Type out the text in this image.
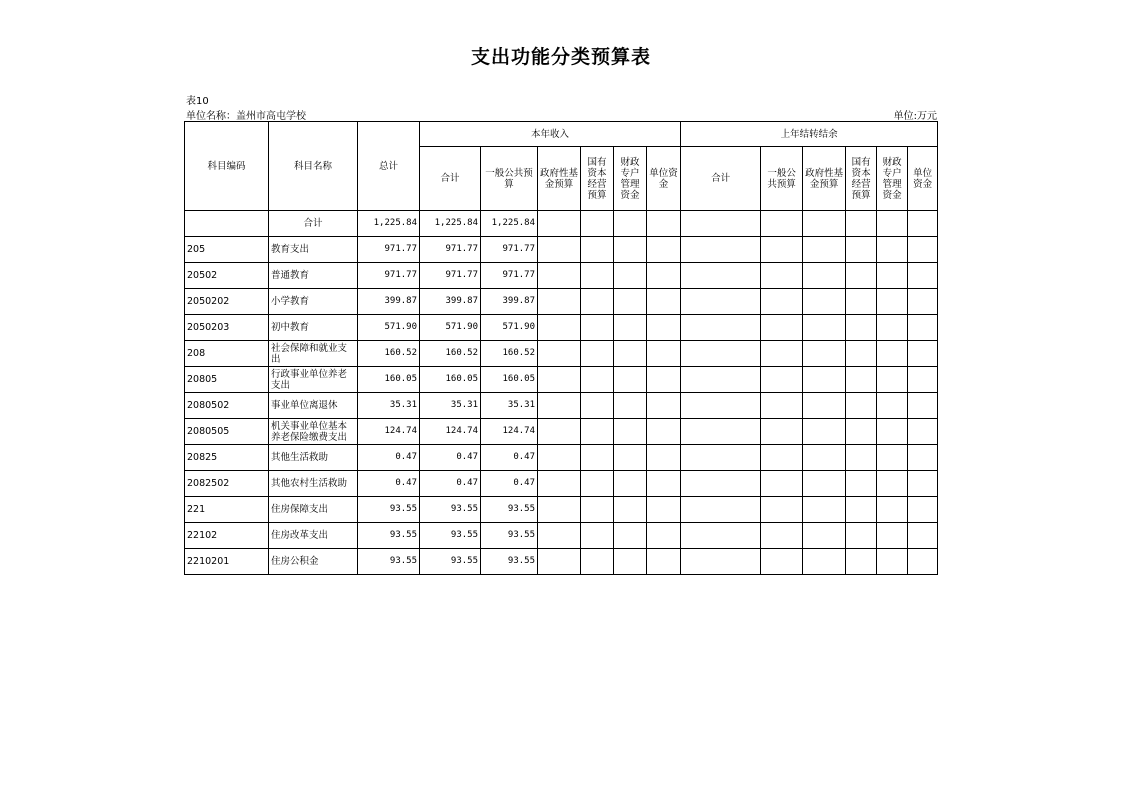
支出功能分类预算表
表10
单位名称：盖州市高屯学校	单位:万元
科目编码	科目名称	总计	本年收入						上年结转结余					
			合计	一般公共预算	政府性基金预算	国有资本经营预算	财政专户管理资金	单位资金	合计	一般公共预算	政府性基金预算	国有资本经营预算	财政专户管理资金	单位资金
	合计	1,225.84	1,225.84	1,225.84										
205	教育支出	971.77	971.77	971.77										
20502	普通教育	971.77	971.77	971.77										
2050202	小学教育	399.87	399.87	399.87										
2050203	初中教育	571.90	571.90	571.90										
208	社会保障和就业支出	160.52	160.52	160.52										
20805	行政事业单位养老支出	160.05	160.05	160.05										
2080502	事业单位离退休	35.31	35.31	35.31										
2080505	机关事业单位基本养老保险缴费支出	124.74	124.74	124.74										
20825	其他生活救助	0.47	0.47	0.47										
2082502	其他农村生活救助	0.47	0.47	0.47										
221	住房保障支出	93.55	93.55	93.55										
22102	住房改革支出	93.55	93.55	93.55										
2210201	住房公积金	93.55	93.55	93.55										
